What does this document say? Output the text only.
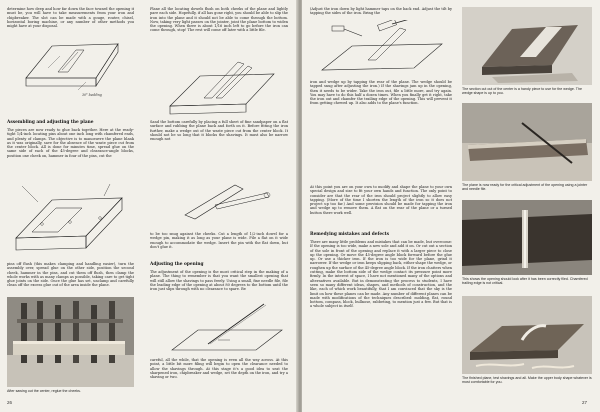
determine how deep and how far down the face toward the opening it must be, you will have to take measurements from your iron and chipbreaker. The slot can be made with a gouge, router, chisel, horizontal boring machine, or any number of other methods you might have at your disposal.
30° bedding
Assembling and adjusting the plane
The pieces are now ready to glue back together. Here at the ready-tight 1/4-inch locating pins about one inch long with chamfered ends, and plenty of clamps. The objective is to manoeuvre the plane blank as it was originally, save for the absence of the waste piece cut from the center block. All is done for minutes time, spread glue on the same side of each of the 45-degree and clearance-angle blocks, position one cheek on, hammer in four of the pins, cut the
pins off flush (this makes clamping and handling easier), turn the assembly over, spread glue on the other side, position the second cheek, hammer in the pins, and cut them off flush, then clamp the whole works with as many clamps as possible, taking care to get tight glue joints on the side. Once the glue has set, unclamp and carefully clean off the excess glue out of the area inside the plane.
Plane all the locating dowels flush on both cheeks of the plane and lightly pare each side. Hopefully, if all has gone right, you should be able to slip the iron into the plane and it should not be able to come through the bottom. Now, taking very light passes on the jointer, joint the plane bottom to widen the opening. When there is about 1/16 inch left to go before the iron can come through, stop! The rest will come off later with a little file.
Sand the bottom carefully by placing a full sheet of fine sandpaper on a flat surface and rubbing the plane back and forth on it. Before fitting the iron further, make a wedge out of the waste piece cut from the center block. It should not be so long that it blocks the shavings. It must also be narrow enough not
to be too snug against the cheeks. Cut a length of 1/2-inch dowel for a wedge pin, making it as long as your plane is wide. File a flat on it wide enough to accommodate the wedge. Insert the pin with the flat down, but don't glue it.
Adjusting the opening
The adjustment of the opening is the most critical step in the making of a plane. The thing to remember is that you want the smallest opening that will still allow the shavings to pass freely. Using a small, fine needle file, file the leading edge of the opening at about 80 degrees to the bottom until the iron just slips through with no clearance to spare. Be
careful, all the while, that the opening is even all the way across. At this point, a little bit more filing will begin to open the clearance needed to allow the shavings through. At this stage it's a good idea to seat the sharpened iron, chipbreaker and wedge, set the depth on the iron, and try a shaving or two.
After sawing out the center, reglue the cheeks.
26
(Adjust the iron down by light hammer taps on the back end. Adjust the tilt by tapping the sides of the iron. Bring the
iron and wedge up by tapping the rear of the plane. The wedge should be tapped snug after adjusting the iron.) If the shavings jam up in the opening, then it needs to be wider. Take the iron out, file a little more, and try again. You may have to do this half a dozen times. When you finally get it right, take the iron out and chamfer the trailing edge of the opening. This will prevent it from getting chewed up. It also adds to the plane's function.
At this point you are on your own to modify and shape the plane to your own special design and size to fit your own hands and function. The only point to consider are that the rear of the iron should project slightly to allow easy tapping. (More of the time I shorten the length of the iron so it does not project up too far.) And some provision should be made for tapping the iron and wedge up to remove them. A flat on the rear of the plane or a turned button there work well.
Remedying mistakes and defects
There are many little problems and mistakes that can be made, but overcome: If the opening is too wide, make a new sole and add it on. Or cut out a section of the sole in front of the opening and replace it with a larger piece to close up the opening. Or move the 45-degree angle block forward before the glue up. Or use a thicker iron. If the iron is too wide for the plane, grind it narrower. If the wedge or iron keeps slipping back, either shape the wedge, or roughen up the surface of the 45-degree angle block. If the iron chatters when cutting, make the bottom side of the wedge contact its pressure point more firmly. In the interest of space, I have not mentioned many of the options and alternatives available. But in demonstrating the process to students, I have seen so many different ideas, shapes, and methods of construction, and the like, each of which work beautifully, that I am convinced that the sky is the limit on how these planes can be made. Any number of different planes can be made with modifications of the techniques described: molding, flat, round bottom, compass, block, bullnose, rabbeting, to mention just a few. But that is a whole subject in itself.
The section cut out of the center is a handy piece to use for the wedge. The wedge shape is up to you.
The plane is now ready for the critical adjustment of the opening using a jointer and needle file.
This shows the opening should look after it has been correctly filed. Chamfered trailing edge is not critical.
The finished plane, test shavings and all. Make the upper body shape whatever is most comfortable for you.
27
